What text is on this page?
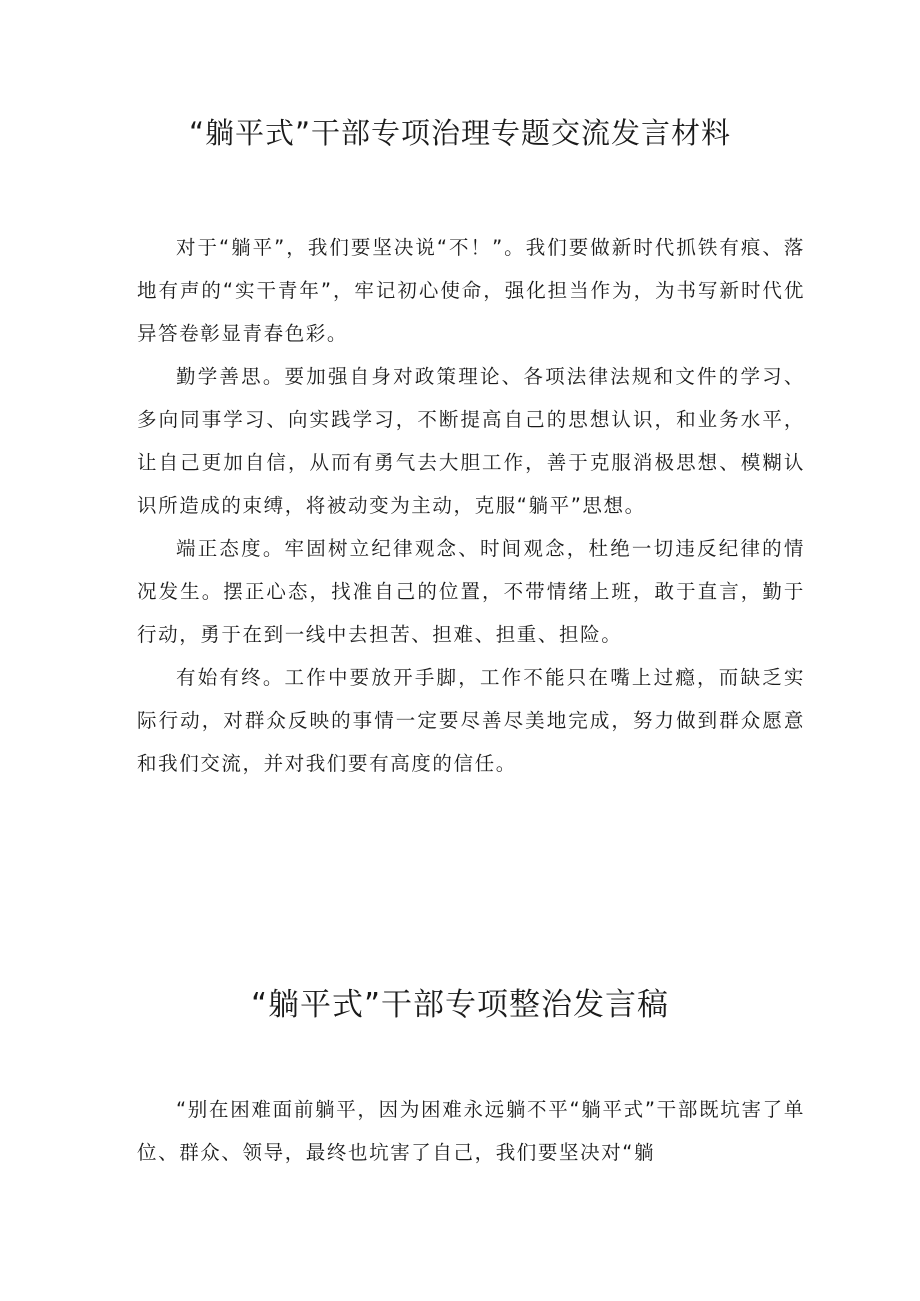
“躺平式”干部专项治理专题交流发言材料

对于“躺平”，我们要坚决说“不！”。我们要做新时代抓铁有痕、落地有声的“实干青年”，牢记初心使命，强化担当作为，为书写新时代优异答卷彰显青春色彩。

勤学善思。要加强自身对政策理论、各项法律法规和文件的学习、多向同事学习、向实践学习，不断提高自己的思想认识，和业务水平，让自己更加自信，从而有勇气去大胆工作，善于克服消极思想、模糊认识所造成的束缚，将被动变为主动，克服“躺平”思想。

端正态度。牢固树立纪律观念、时间观念，杜绝一切违反纪律的情况发生。摆正心态，找准自己的位置，不带情绪上班，敢于直言，勤于行动，勇于在到一线中去担苦、担难、担重、担险。

有始有终。工作中要放开手脚，工作不能只在嘴上过瘾，而缺乏实际行动，对群众反映的事情一定要尽善尽美地完成，努力做到群众愿意和我们交流，并对我们要有高度的信任。

“躺平式”干部专项整治发言稿

“别在困难面前躺平，因为困难永远躺不平“躺平式”干部既坑害了单位、群众、领导，最终也坑害了自己，我们要坚决对“躺
